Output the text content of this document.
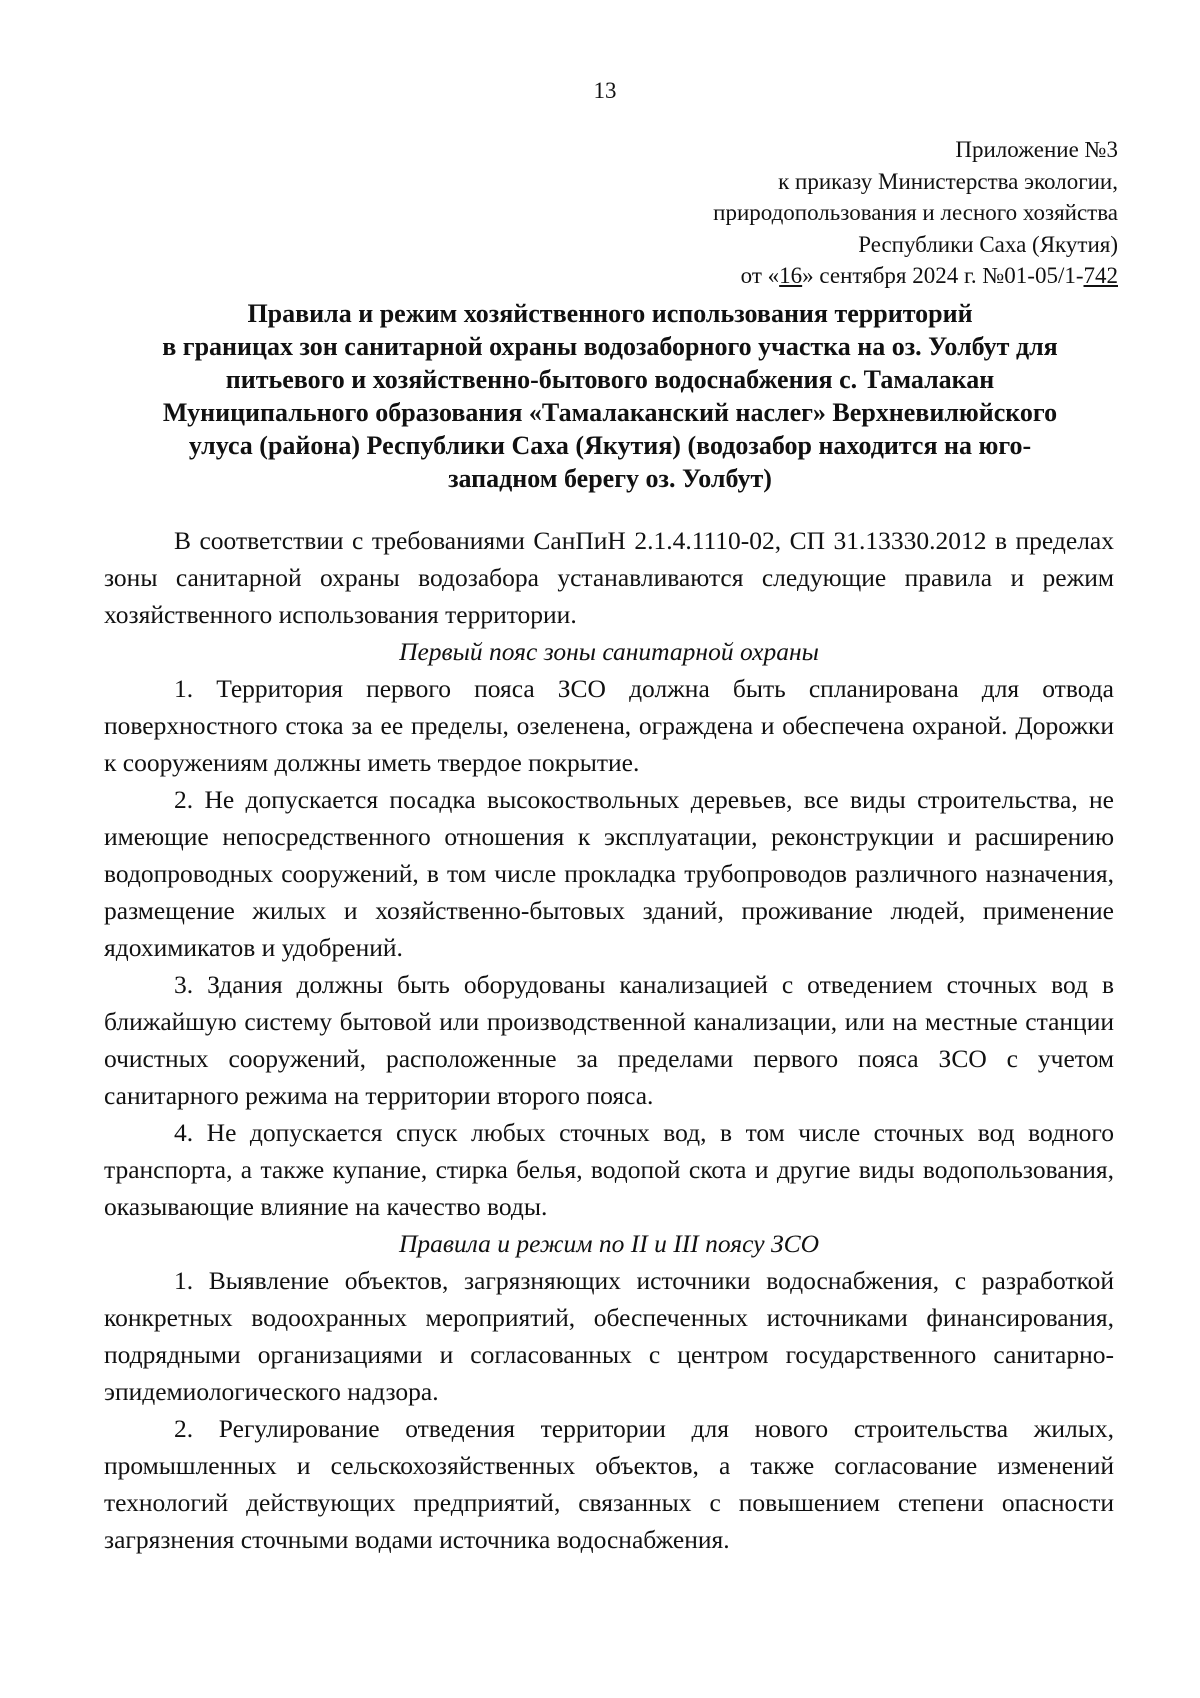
13
Приложение №3
к приказу Министерства экологии,
природопользования и лесного хозяйства
Республики Саха (Якутия)
от «16» сентября 2024 г. №01-05/1-742
Правила и режим хозяйственного использования территорий
в границах зон санитарной охраны водозаборного участка на оз. Уолбут для
питьевого и хозяйственно-бытового водоснабжения с. Тамалакан
Муниципального образования «Тамалаканский наслег» Верхневилюйского
улуса (района) Республики Саха (Якутия) (водозабор находится на юго-
западном берегу оз. Уолбут)

В соответствии с требованиями СанПиН 2.1.4.1110-02, СП 31.13330.2012 в пределах зоны санитарной охраны водозабора устанавливаются следующие правила и режим хозяйственного использования территории.

Первый пояс зоны санитарной охраны

1. Территория первого пояса ЗСО должна быть спланирована для отвода поверхностного стока за ее пределы, озеленена, ограждена и обеспечена охраной. Дорожки к сооружениям должны иметь твердое покрытие.

2. Не допускается посадка высокоствольных деревьев, все виды строительства, не имеющие непосредственного отношения к эксплуатации, реконструкции и расширению водопроводных сооружений, в том числе прокладка трубопроводов различного назначения, размещение жилых и хозяйственно-бытовых зданий, проживание людей, применение ядохимикатов и удобрений.

3. Здания должны быть оборудованы канализацией с отведением сточных вод в ближайшую систему бытовой или производственной канализации, или на местные станции очистных сооружений, расположенные за пределами первого пояса ЗСО с учетом санитарного режима на территории второго пояса.

4. Не допускается спуск любых сточных вод, в том числе сточных вод водного транспорта, а также купание, стирка белья, водопой скота и другие виды водопользования, оказывающие влияние на качество воды.

Правила и режим по II и III поясу ЗСО

1. Выявление объектов, загрязняющих источники водоснабжения, с разработкой конкретных водоохранных мероприятий, обеспеченных источниками финансирования, подрядными организациями и согласованных с центром государственного санитарно-эпидемиологического надзора.

2. Регулирование отведения территории для нового строительства жилых, промышленных и сельскохозяйственных объектов, а также согласование изменений технологий действующих предприятий, связанных с повышением степени опасности загрязнения сточными водами источника водоснабжения.
